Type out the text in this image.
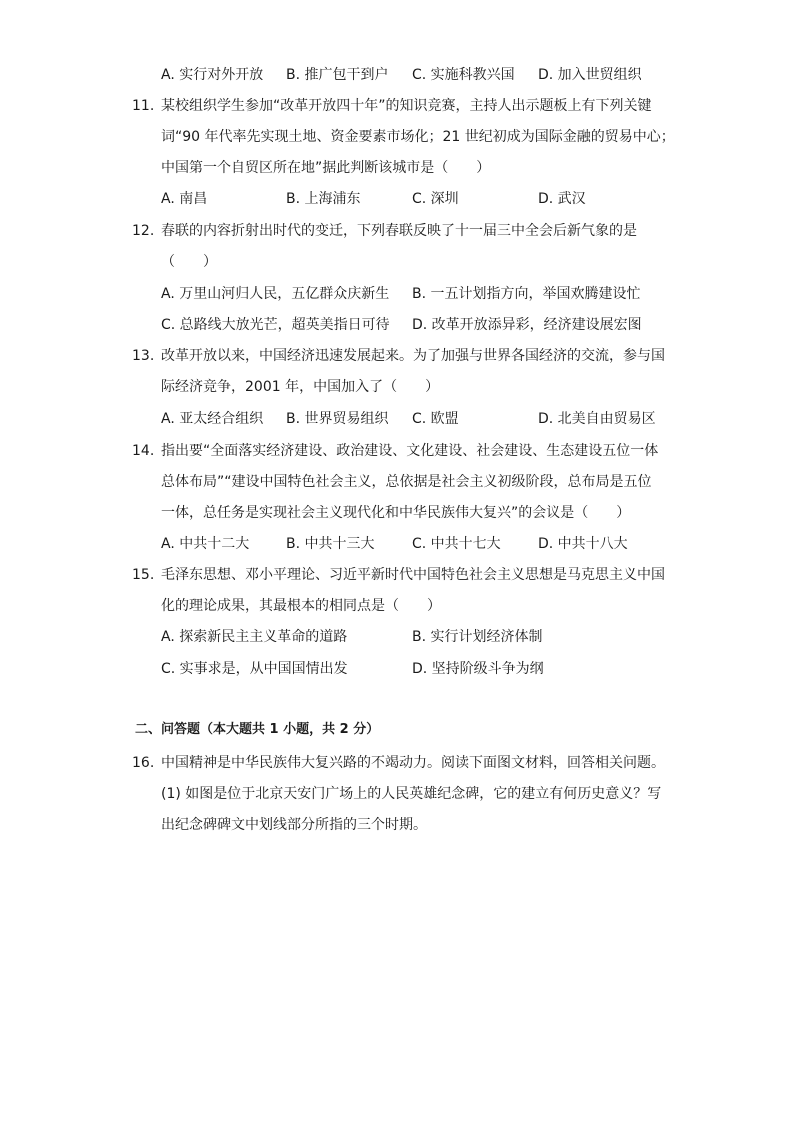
A. 实行对外开放 B. 推广包干到户 C. 实施科教兴国 D. 加入世贸组织
11. 某校组织学生参加“改革开放四十年”的知识竞赛，主持人出示题板上有下列关键
词“90 年代率先实现土地、资金要素市场化；21 世纪初成为国际金融的贸易中心；
中国第一个自贸区所在地”据此判断该城市是（　　）
A. 南昌	B. 上海浦东	C. 深圳	D. 武汉
12. 春联的内容折射出时代的变迁，下列春联反映了十一届三中全会后新气象的是
（　　）
A. 万里山河归人民，五亿群众庆新生 B. 一五计划指方向，举国欢腾建设忙
C. 总路线大放光芒，超英美指日可待 D. 改革开放添异彩，经济建设展宏图
13. 改革开放以来，中国经济迅速发展起来。为了加强与世界各国经济的交流，参与国
际经济竞争，2001 年，中国加入了（　　）
A. 亚太经合组织 B. 世界贸易组织 C. 欧盟	D. 北美自由贸易区
14. 指出要“全面落实经济建设、政治建设、文化建设、社会建设、生态建设五位一体
总体布局”“建设中国特色社会主义，总依据是社会主义初级阶段，总布局是五位
一体，总任务是实现社会主义现代化和中华民族伟大复兴”的会议是（　　）
A. 中共十二大	B. 中共十三大	C. 中共十七大	D. 中共十八大
15. 毛泽东思想、邓小平理论、习近平新时代中国特色社会主义思想是马克思主义中国
化的理论成果，其最根本的相同点是（　　）
A. 探索新民主主义革命的道路	B. 实行计划经济体制
C. 实事求是，从中国国情出发	D. 坚持阶级斗争为纲
二、问答题（本大题共 1 小题，共 2 分）
16. 中国精神是中华民族伟大复兴路的不竭动力。阅读下面图文材料，回答相关问题。
(1) 如图是位于北京天安门广场上的人民英雄纪念碑，它的建立有何历史意义？写
出纪念碑碑文中划线部分所指的三个时期。
